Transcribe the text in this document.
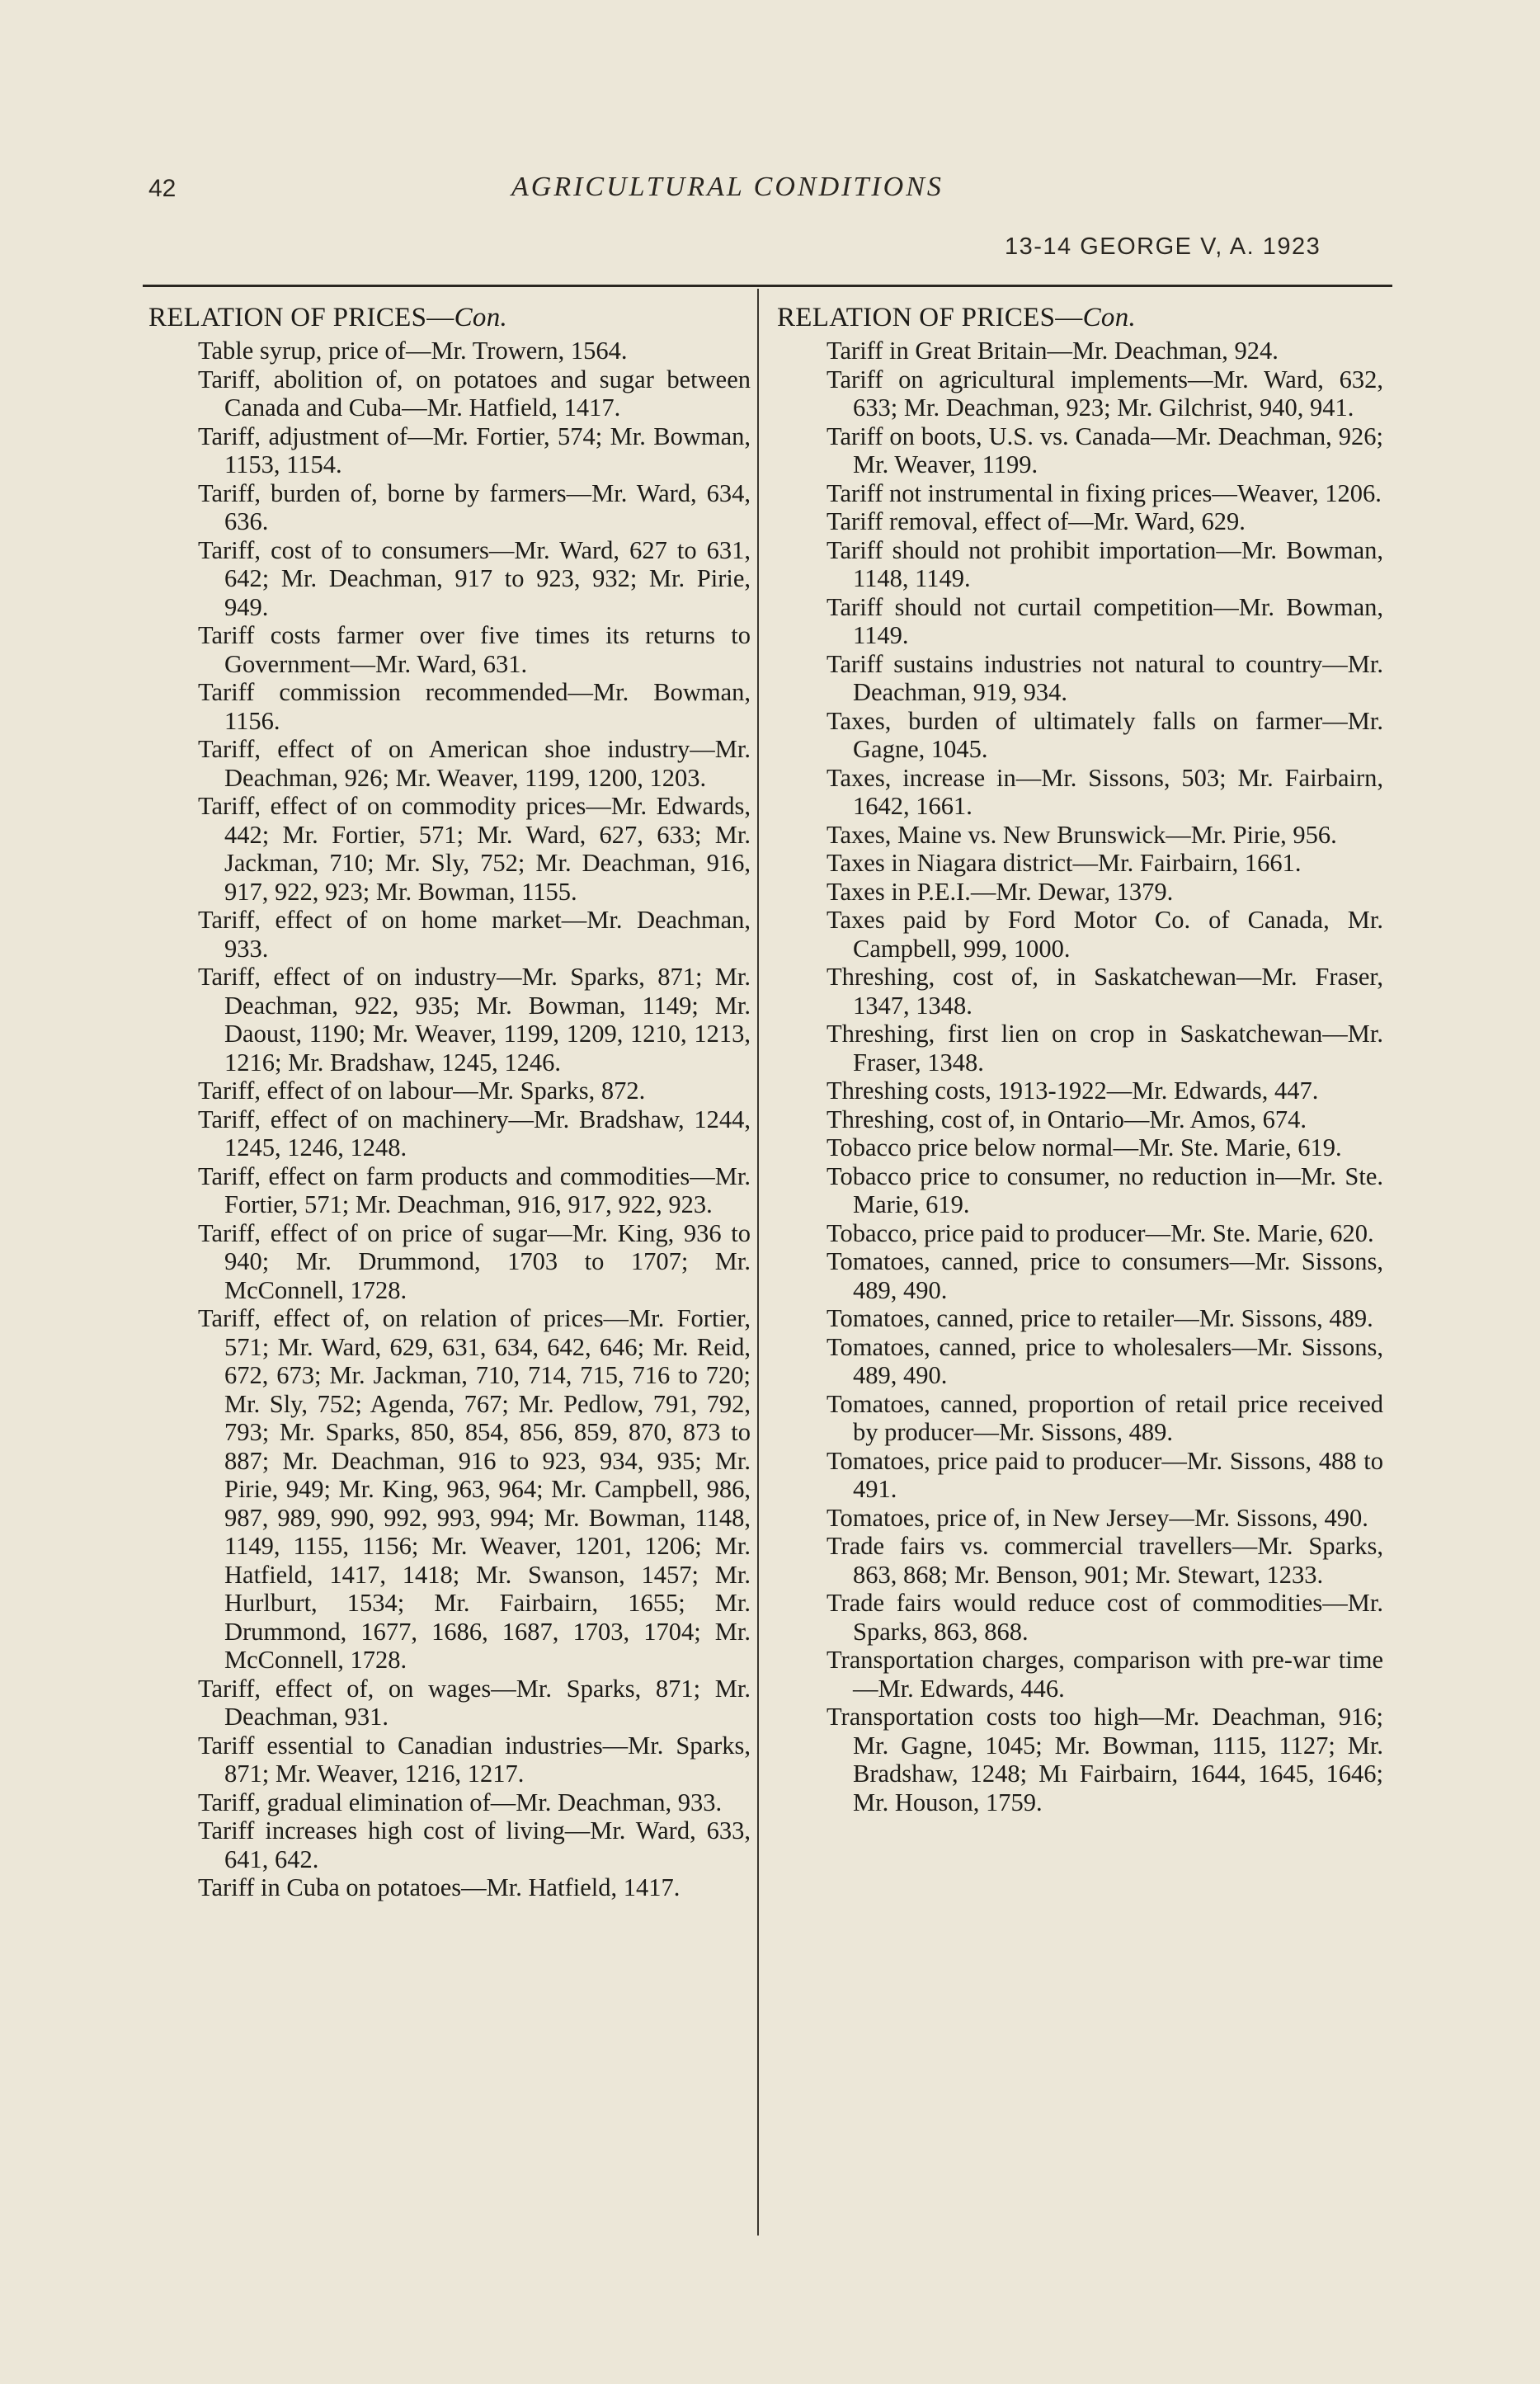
42	AGRICULTURAL CONDITIONS
13-14 GEORGE V, A. 1923
RELATION OF PRICES—Con.
Table syrup, price of—Mr. Trowern, 1564.
Tariff, abolition of, on potatoes and sugar between Canada and Cuba—Mr. Hatfield, 1417.
Tariff, adjustment of—Mr. Fortier, 574; Mr. Bowman, 1153, 1154.
Tariff, burden of, borne by farmers—Mr. Ward, 634, 636.
Tariff, cost of to consumers—Mr. Ward, 627 to 631, 642; Mr. Deachman, 917 to 923, 932; Mr. Pirie, 949.
Tariff costs farmer over five times its returns to Government—Mr. Ward, 631.
Tariff commission recommended—Mr. Bowman, 1156.
Tariff, effect of on American shoe industry—Mr. Deachman, 926; Mr. Weaver, 1199, 1200, 1203.
Tariff, effect of on commodity prices—Mr. Edwards, 442; Mr. Fortier, 571; Mr. Ward, 627, 633; Mr. Jackman, 710; Mr. Sly, 752; Mr. Deachman, 916, 917, 922, 923; Mr. Bowman, 1155.
Tariff, effect of on home market—Mr. Deachman, 933.
Tariff, effect of on industry—Mr. Sparks, 871; Mr. Deachman, 922, 935; Mr. Bowman, 1149; Mr. Daoust, 1190; Mr. Weaver, 1199, 1209, 1210, 1213, 1216; Mr. Bradshaw, 1245, 1246.
Tariff, effect of on labour—Mr. Sparks, 872.
Tariff, effect of on machinery—Mr. Bradshaw, 1244, 1245, 1246, 1248.
Tariff, effect on farm products and commodities—Mr. Fortier, 571; Mr. Deachman, 916, 917, 922, 923.
Tariff, effect of on price of sugar—Mr. King, 936 to 940; Mr. Drummond, 1703 to 1707; Mr. McConnell, 1728.
Tariff, effect of, on relation of prices—Mr. Fortier, 571; Mr. Ward, 629, 631, 634, 642, 646; Mr. Reid, 672, 673; Mr. Jackman, 710, 714, 715, 716 to 720; Mr. Sly, 752; Agenda, 767; Mr. Pedlow, 791, 792, 793; Mr. Sparks, 850, 854, 856, 859, 870, 873 to 887; Mr. Deachman, 916 to 923, 934, 935; Mr. Pirie, 949; Mr. King, 963, 964; Mr. Campbell, 986, 987, 989, 990, 992, 993, 994; Mr. Bowman, 1148, 1149, 1155, 1156; Mr. Weaver, 1201, 1206; Mr. Hatfield, 1417, 1418; Mr. Swanson, 1457; Mr. Hurlburt, 1534; Mr. Fairbairn, 1655; Mr. Drummond, 1677, 1686, 1687, 1703, 1704; Mr. McConnell, 1728.
Tariff, effect of, on wages—Mr. Sparks, 871; Mr. Deachman, 931.
Tariff essential to Canadian industries—Mr. Sparks, 871; Mr. Weaver, 1216, 1217.
Tariff, gradual elimination of—Mr. Deachman, 933.
Tariff increases high cost of living—Mr. Ward, 633, 641, 642.
Tariff in Cuba on potatoes—Mr. Hatfield, 1417.
RELATION OF PRICES—Con.
Tariff in Great Britain—Mr. Deachman, 924.
Tariff on agricultural implements—Mr. Ward, 632, 633; Mr. Deachman, 923; Mr. Gilchrist, 940, 941.
Tariff on boots, U.S. vs. Canada—Mr. Deachman, 926; Mr. Weaver, 1199.
Tariff not instrumental in fixing prices—Weaver, 1206.
Tariff removal, effect of—Mr. Ward, 629.
Tariff should not prohibit importation—Mr. Bowman, 1148, 1149.
Tariff should not curtail competition—Mr. Bowman, 1149.
Tariff sustains industries not natural to country—Mr. Deachman, 919, 934.
Taxes, burden of ultimately falls on farmer—Mr. Gagne, 1045.
Taxes, increase in—Mr. Sissons, 503; Mr. Fairbairn, 1642, 1661.
Taxes, Maine vs. New Brunswick—Mr. Pirie, 956.
Taxes in Niagara district—Mr. Fairbairn, 1661.
Taxes in P.E.I.—Mr. Dewar, 1379.
Taxes paid by Ford Motor Co. of Canada, Mr. Campbell, 999, 1000.
Threshing, cost of, in Saskatchewan—Mr. Fraser, 1347, 1348.
Threshing, first lien on crop in Saskatchewan—Mr. Fraser, 1348.
Threshing costs, 1913-1922—Mr. Edwards, 447.
Threshing, cost of, in Ontario—Mr. Amos, 674.
Tobacco price below normal—Mr. Ste. Marie, 619.
Tobacco price to consumer, no reduction in—Mr. Ste. Marie, 619.
Tobacco, price paid to producer—Mr. Ste. Marie, 620.
Tomatoes, canned, price to consumers—Mr. Sissons, 489, 490.
Tomatoes, canned, price to retailer—Mr. Sissons, 489.
Tomatoes, canned, price to wholesalers—Mr. Sissons, 489, 490.
Tomatoes, canned, proportion of retail price received by producer—Mr. Sissons, 489.
Tomatoes, price paid to producer—Mr. Sissons, 488 to 491.
Tomatoes, price of, in New Jersey—Mr. Sissons, 490.
Trade fairs vs. commercial travellers—Mr. Sparks, 863, 868; Mr. Benson, 901; Mr. Stewart, 1233.
Trade fairs would reduce cost of commodities—Mr. Sparks, 863, 868.
Transportation charges, comparison with pre-war time—Mr. Edwards, 446.
Transportation costs too high—Mr. Deachman, 916; Mr. Gagne, 1045; Mr. Bowman, 1115, 1127; Mr. Bradshaw, 1248; Mı Fairbairn, 1644, 1645, 1646; Mr. Houson, 1759.
